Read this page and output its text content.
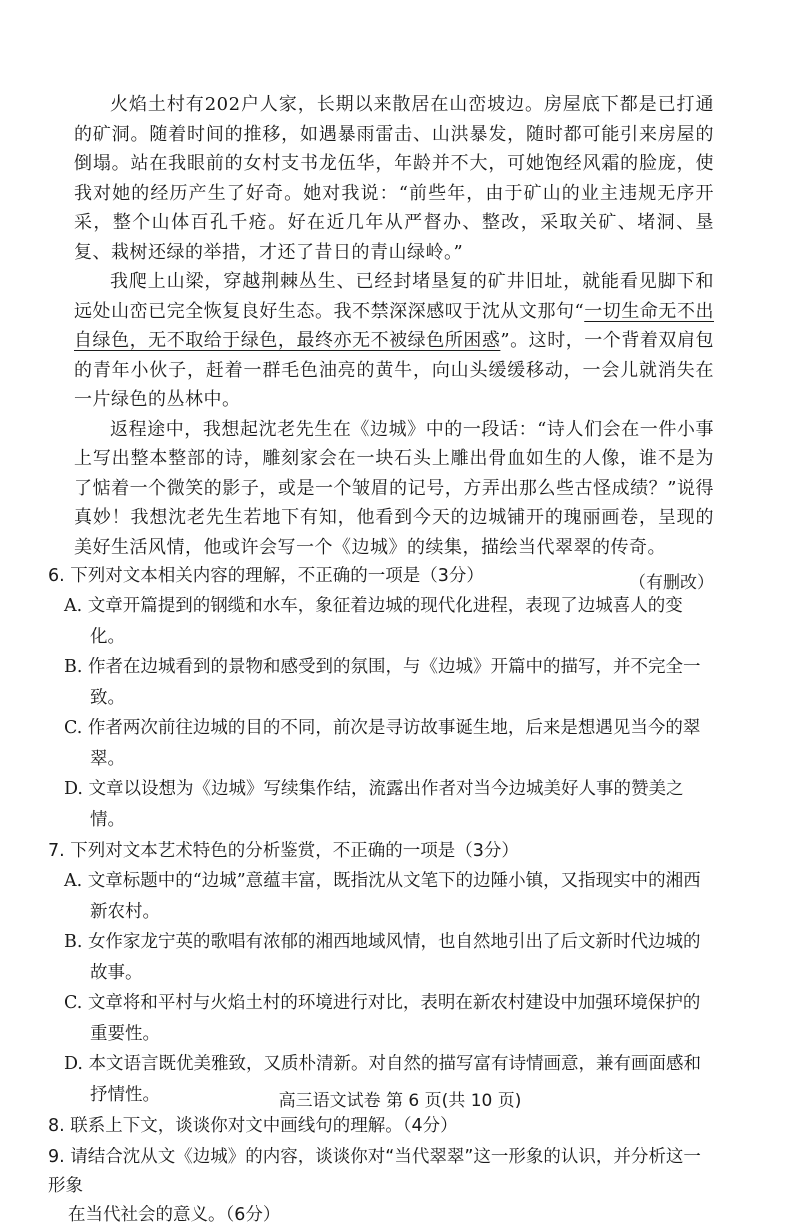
火焰土村有202户人家，长期以来散居在山峦坡边。房屋底下都是已打通的矿洞。随着时间的推移，如遇暴雨雷击、山洪暴发，随时都可能引来房屋的倒塌。站在我眼前的女村支书龙伍华，年龄并不大，可她饱经风霜的脸庞，使我对她的经历产生了好奇。她对我说：“前些年，由于矿山的业主违规无序开采，整个山体百孔千疮。好在近几年从严督办、整改，采取关矿、堵洞、垦复、栽树还绿的举措，才还了昔日的青山绿岭。”

我爬上山梁，穿越荆棘丛生、已经封堵垦复的矿井旧址，就能看见脚下和远处山峦已完全恢复良好生态。我不禁深深感叹于沈从文那句“一切生命无不出自绿色，无不取给于绿色，最终亦无不被绿色所困惑”。这时，一个背着双肩包的青年小伙子，赶着一群毛色油亮的黄牛，向山头缓缓移动，一会儿就消失在一片绿色的丛林中。

返程途中，我想起沈老先生在《边城》中的一段话：“诗人们会在一件小事上写出整本整部的诗，雕刻家会在一块石头上雕出骨血如生的人像，谁不是为了惦着一个微笑的影子，或是一个皱眉的记号，方弄出那么些古怪成绩？”说得真妙！我想沈老先生若地下有知，他看到今天的边城铺开的瑰丽画卷，呈现的美好生活风情，他或许会写一个《边城》的续集，描绘当代翠翠的传奇。

（有删改）

6. 下列对文本相关内容的理解，不正确的一项是（3分）

A. 文章开篇提到的钢缆和水车，象征着边城的现代化进程，表现了边城喜人的变化。

B. 作者在边城看到的景物和感受到的氛围，与《边城》开篇中的描写，并不完全一致。

C. 作者两次前往边城的目的不同，前次是寻访故事诞生地，后来是想遇见当今的翠翠。

D. 文章以设想为《边城》写续集作结，流露出作者对当今边城美好人事的赞美之情。

7. 下列对文本艺术特色的分析鉴赏，不正确的一项是（3分）

A. 文章标题中的“边城”意蕴丰富，既指沈从文笔下的边陲小镇，又指现实中的湘西新农村。

B. 女作家龙宁英的歌唱有浓郁的湘西地域风情，也自然地引出了后文新时代边城的故事。

C. 文章将和平村与火焰土村的环境进行对比，表明在新农村建设中加强环境保护的重要性。

D. 本文语言既优美雅致，又质朴清新。对自然的描写富有诗情画意，兼有画面感和抒情性。

8. 联系上下文，谈谈你对文中画线句的理解。（4分）

9. 请结合沈从文《边城》的内容，谈谈你对“当代翠翠”这一形象的认识，并分析这一形象

在当代社会的意义。（6分）

高三语文试卷 第 6 页(共 10 页)
